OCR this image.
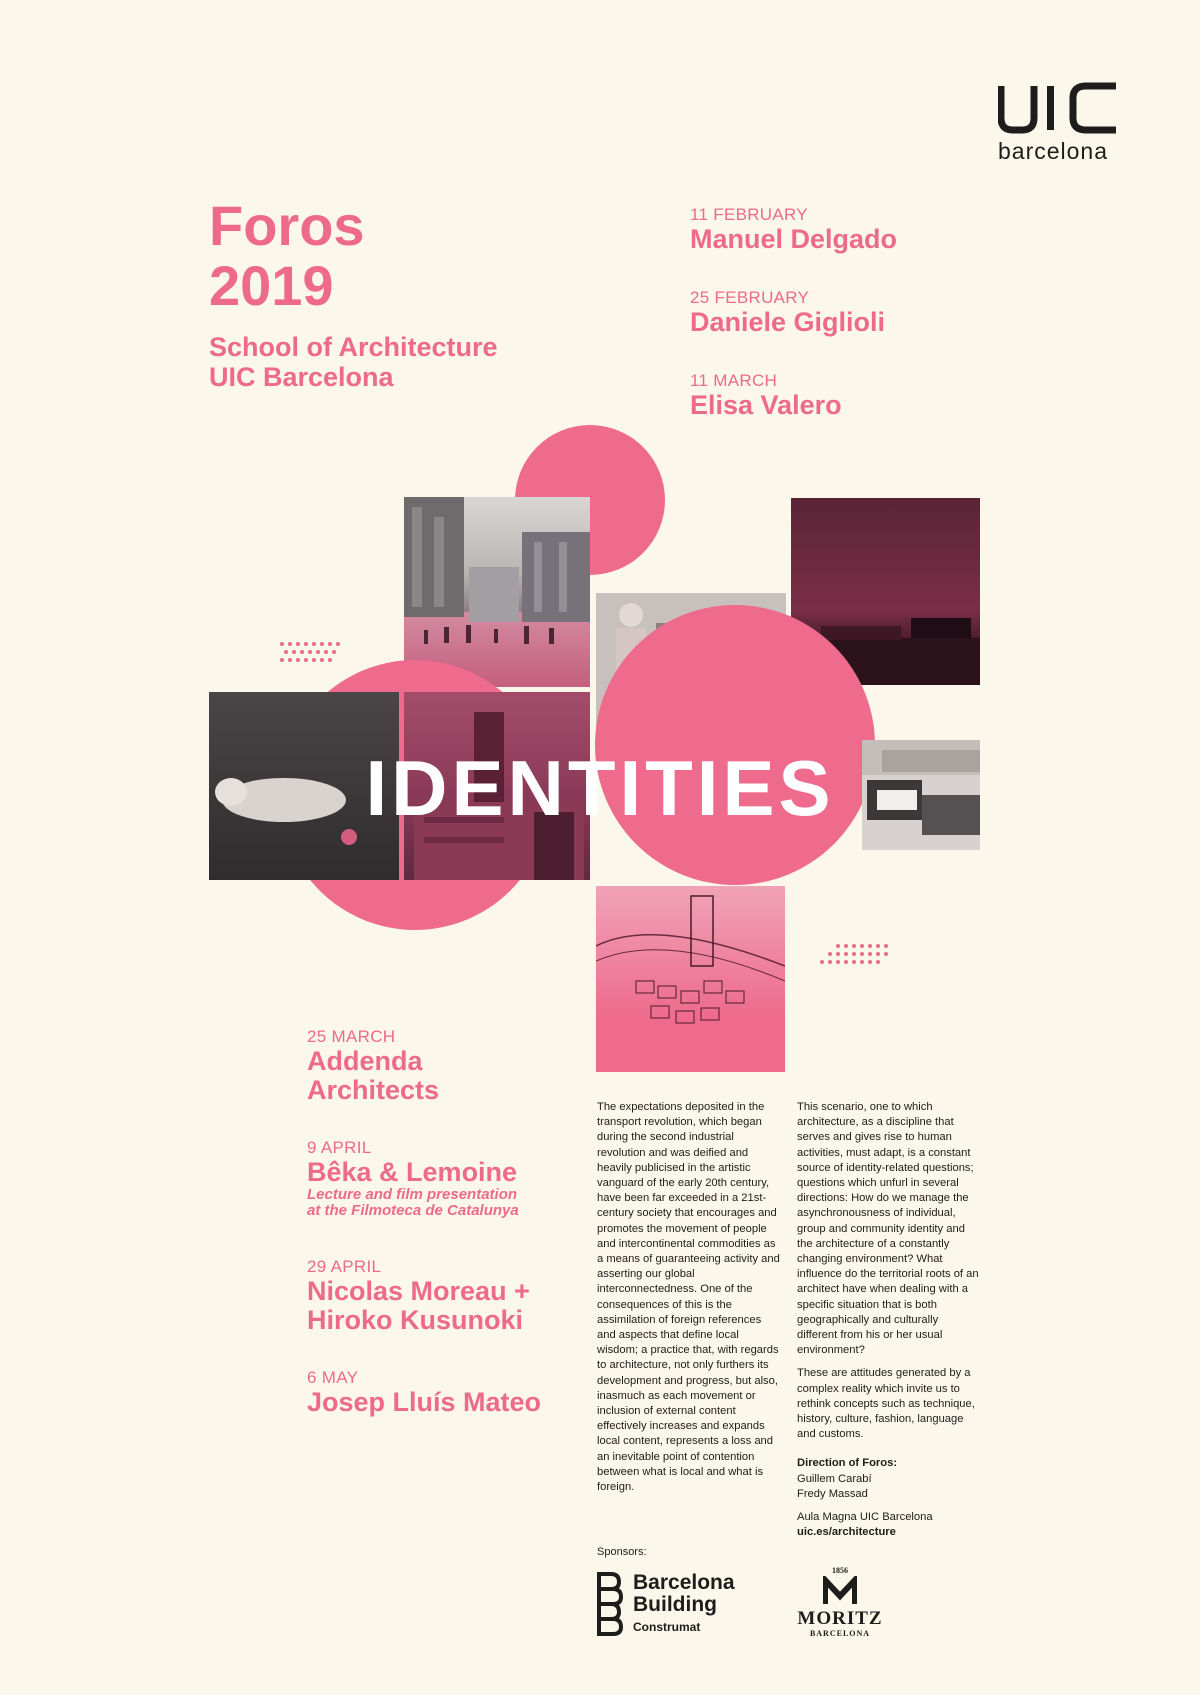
barcelona
Foros
2019
School of Architecture
UIC Barcelona
11 FEBRUARY
Manuel Delgado
25 FEBRUARY
Daniele Giglioli
11 MARCH
Elisa Valero
IDENTITIES
25 MARCH
Addenda
Architects
9 APRIL
Bêka & Lemoine
Lecture and film presentation
at the Filmoteca de Catalunya
29 APRIL
Nicolas Moreau +
Hiroko Kusunoki
6 MAY
Josep Lluís Mateo

The expectations deposited in the transport revolution, which began during the second industrial revolution and was deified and heavily publicised in the artistic vanguard of the early 20th century, have been far exceeded in a 21st-century society that encourages and promotes the movement of people and intercontinental commodities as a means of guaranteeing activity and asserting our global interconnectedness. One of the consequences of this is the assimilation of foreign references and aspects that define local wisdom; a practice that, with regards to architecture, not only furthers its development and progress, but also, inasmuch as each movement or inclusion of external content effectively increases and expands local content, represents a loss and an inevitable point of contention between what is local and what is foreign.

This scenario, one to which architecture, as a discipline that serves and gives rise to human activities, must adapt, is a constant source of identity-related questions; questions which unfurl in several directions: How do we manage the asynchronousness of individual, group and community identity and the architecture of a constantly changing environment? What influence do the territorial roots of an architect have when dealing with a specific situation that is both geographically and culturally different from his or her usual environment?

These are attitudes generated by a complex reality which invite us to rethink concepts such as technique, history, culture, fashion, language and customs.

Direction of Foros:
Guillem Carabí
Fredy Massad
Aula Magna UIC Barcelona
uic.es/architecture
Sponsors:
Barcelona
Building
Construmat
1856
MORITZ
BARCELONA
